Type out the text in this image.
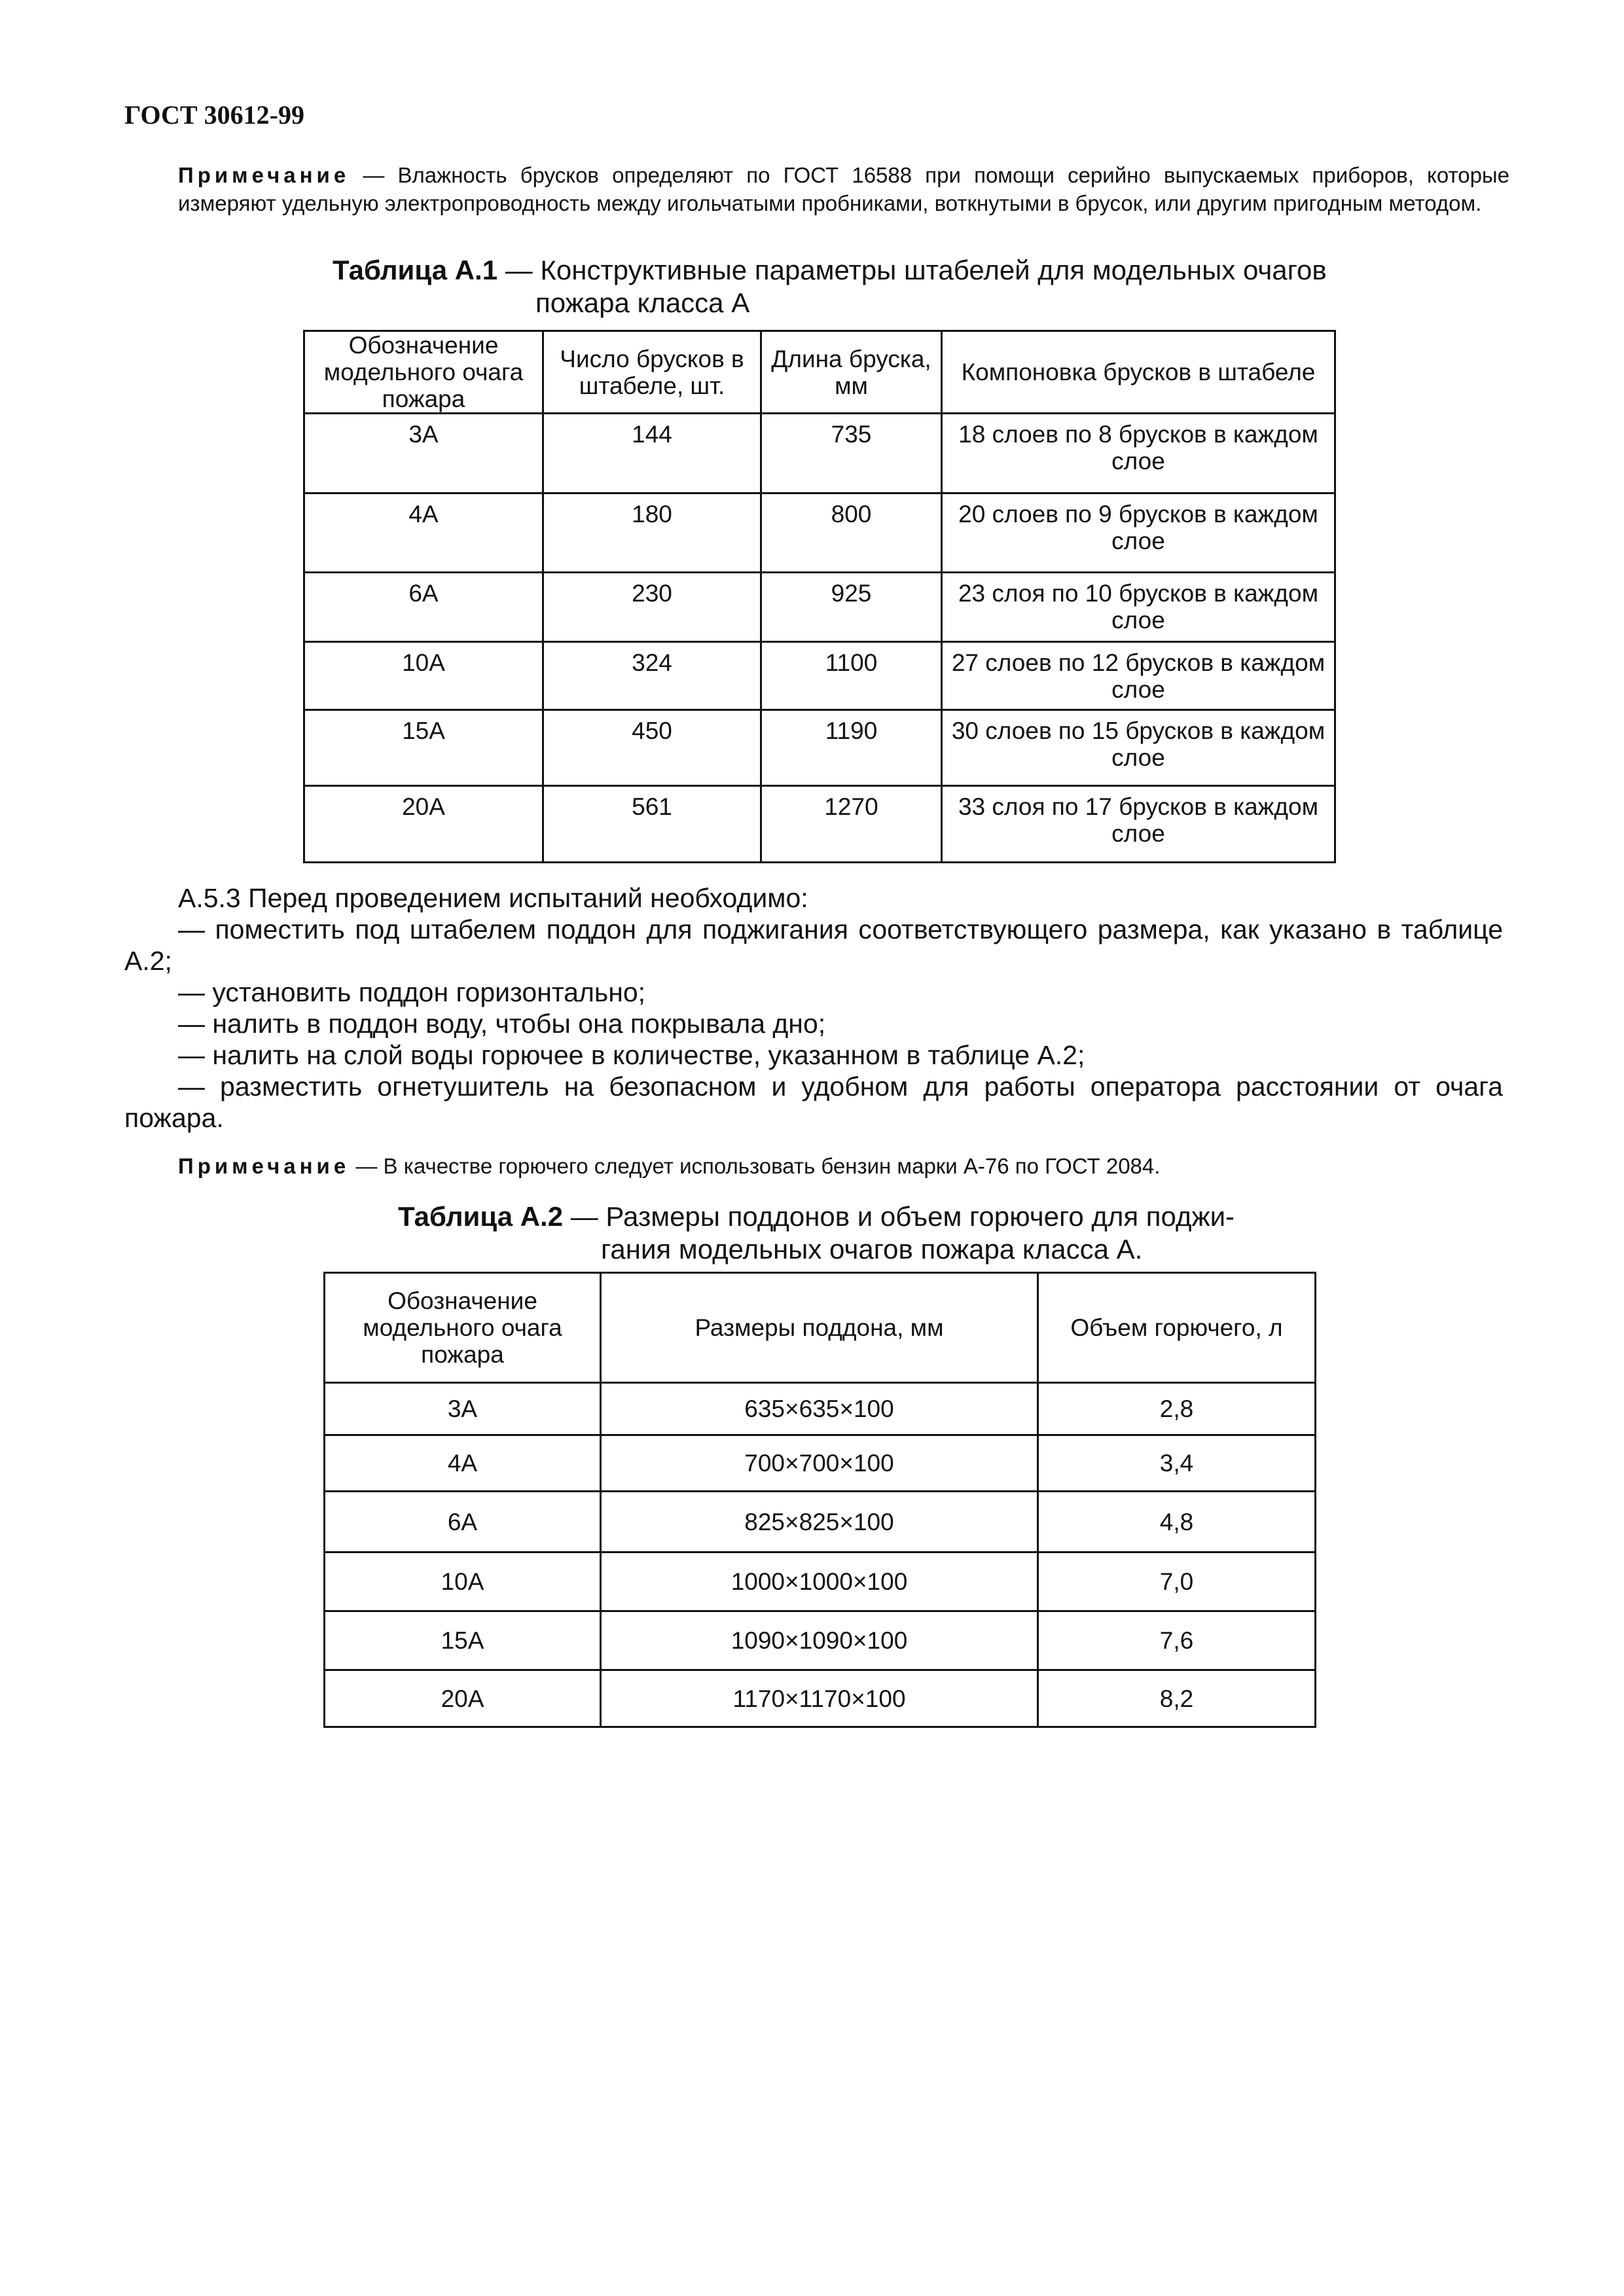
ГОСТ 30612-99
Примечание — Влажность брусков определяют по ГОСТ 16588 при помощи серийно выпускаемых приборов, которые измеряют удельную электропроводность между игольчатыми пробниками, воткнутыми в брусок, или другим пригодным методом.
Таблица А.1 — Конструктивные параметры штабелей для модельных очагов
пожара класса А
Обозначение модельного очага пожара	Число брусков в штабеле, шт.	Длина бруска, мм	Компоновка брусков в штабеле
3А	144	735	18 слоев по 8 брусков в каждом слое
4А	180	800	20 слоев по 9 брусков в каждом слое
6А	230	925	23 слоя по 10 брусков в каждом слое
10А	324	1100	27 слоев по 12 брусков в каждом слое
15А	450	1190	30 слоев по 15 брусков в каждом слое
20А	561	1270	33 слоя по 17 брусков в каждом слое
А.5.3 Перед проведением испытаний необходимо:
— поместить под штабелем поддон для поджигания соответствующего размера, как указано в таблице А.2;
— установить поддон горизонтально;
— налить в поддон воду, чтобы она покрывала дно;
— налить на слой воды горючее в количестве, указанном в таблице А.2;
— разместить огнетушитель на безопасном и удобном для работы оператора расстоянии от очага пожара.
Примечание — В качестве горючего следует использовать бензин марки А-76 по ГОСТ 2084.
Таблица А.2 — Размеры поддонов и объем горючего для поджи-
гания модельных очагов пожара класса А.
Обозначение модельного очага пожара	Размеры поддона, мм	Объем горючего, л
3А	635×635×100	2,8
4А	700×700×100	3,4
6А	825×825×100	4,8
10А	1000×1000×100	7,0
15А	1090×1090×100	7,6
20А	1170×1170×100	8,2
